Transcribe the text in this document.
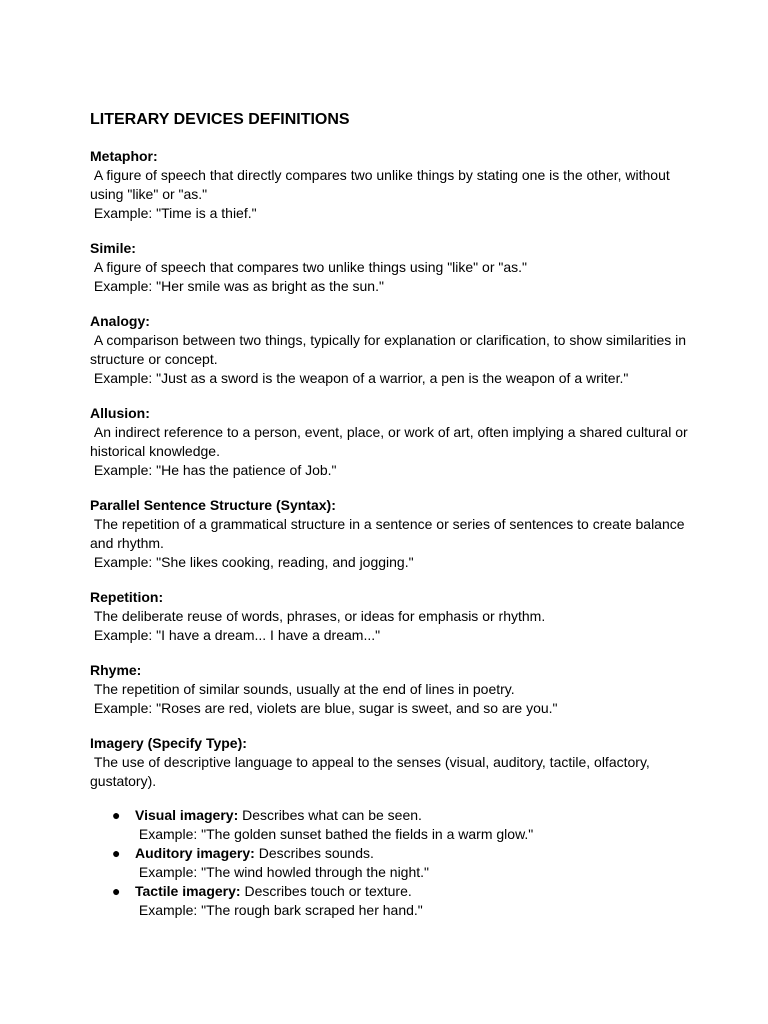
LITERARY DEVICES DEFINITIONS
Metaphor:
A figure of speech that directly compares two unlike things by stating one is the other, without using "like" or "as."
Example: "Time is a thief."
Simile:
A figure of speech that compares two unlike things using "like" or "as."
Example: "Her smile was as bright as the sun."
Analogy:
A comparison between two things, typically for explanation or clarification, to show similarities in structure or concept.
Example: "Just as a sword is the weapon of a warrior, a pen is the weapon of a writer."
Allusion:
An indirect reference to a person, event, place, or work of art, often implying a shared cultural or historical knowledge.
Example: "He has the patience of Job."
Parallel Sentence Structure (Syntax):
The repetition of a grammatical structure in a sentence or series of sentences to create balance and rhythm.
Example: "She likes cooking, reading, and jogging."
Repetition:
The deliberate reuse of words, phrases, or ideas for emphasis or rhythm.
Example: "I have a dream... I have a dream..."
Rhyme:
The repetition of similar sounds, usually at the end of lines in poetry.
Example: "Roses are red, violets are blue, sugar is sweet, and so are you."
Imagery (Specify Type):
The use of descriptive language to appeal to the senses (visual, auditory, tactile, olfactory, gustatory).
● Visual imagery: Describes what can be seen.
Example: "The golden sunset bathed the fields in a warm glow."
● Auditory imagery: Describes sounds.
Example: "The wind howled through the night."
● Tactile imagery: Describes touch or texture.
Example: "The rough bark scraped her hand."
